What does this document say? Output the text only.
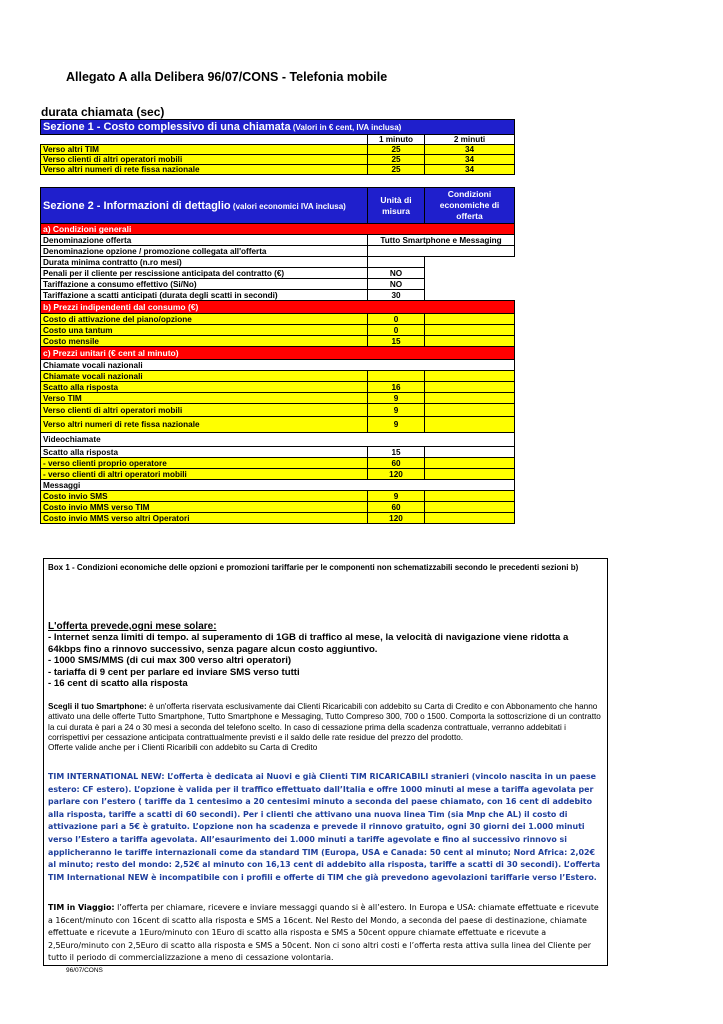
Allegato A alla Delibera 96/07/CONS - Telefonia mobile
durata chiamata (sec)
Sezione 1 - Costo complessivo di una chiamata (Valori in € cent, IVA inclusa)		
	1 minuto	2 minuti
Verso altri TIM	25	34
Verso clienti di altri operatori mobili	25	34
Verso altri numeri di rete fissa nazionale	25	34
Sezione 2 - Informazioni di dettaglio (valori economici IVA inclusa)	Unità di misura	Condizioni economiche di offerta
a) Condizioni generali		
Denominazione offerta	Tutto Smartphone e Messaging	
Denominazione opzione / promozione collegata all'offerta		
Durata minima contratto (n.ro mesi)		
Penali per il cliente per rescissione anticipata del contratto (€)	NO	
Tariffazione a consumo effettivo (Si/No)	NO	
Tariffazione a scatti anticipati (durata degli scatti in secondi)	30	
b) Prezzi indipendenti dal consumo (€)		
Costo di attivazione del piano/opzione	0	
Costo una tantum	0	
Costo mensile	15	
c) Prezzi unitari (€ cent al minuto)		
Chiamate vocali nazionali		
Chiamate vocali nazionali		
Scatto alla risposta	16	
Verso TIM	9	
Verso clienti di altri operatori mobili	9	
Verso altri numeri di rete fissa nazionale	9	
Videochiamate		
Scatto alla risposta	15	
- verso clienti proprio operatore	60	
- verso clienti di altri operatori mobili	120	
Messaggi		
Costo invio SMS	9	
Costo invio MMS verso TIM	60	
Costo invio MMS verso altri Operatori	120	
Box 1 - Condizioni economiche delle opzioni e promozioni tariffarie per le componenti non schematizzabili secondo le precedenti sezioni b)
L'offerta prevede,ogni mese solare:
- Internet senza limiti di tempo. al superamento di 1GB di traffico al mese, la velocità di navigazione viene ridotta a 64kbps fino a rinnovo successivo, senza pagare alcun costo aggiuntivo.
- 1000 SMS/MMS (di cui max 300 verso altri operatori)
- tariaffa di 9 cent per parlare ed inviare SMS verso tutti
- 16 cent di scatto alla risposta
Scegli il tuo Smartphone: è un'offerta riservata esclusivamente dai Clienti Ricaricabili con addebito su Carta di Credito e con Abbonamento che hanno attivato una delle offerte Tutto Smartphone, Tutto Smartphone e Messaging, Tutto Compreso 300, 700 o 1500. Comporta la sottoscrizione di un contratto la cui durata è pari a 24 o 30 mesi a seconda del telefono scelto. In caso di cessazione prima della scadenza contrattuale, verranno addebitati i corrispettivi per cessazione anticipata contrattualmente previsti e il saldo delle rate residue del prezzo del prodotto.
Offerte valide anche per i Clienti Ricaribili con addebito su Carta di Credito
TIM INTERNATIONAL NEW: L’offerta è dedicata ai Nuovi e già Clienti TIM RICARICABILI stranieri (vincolo nascita in un paese estero: CF estero). L’opzione è valida per il traffico effettuato dall’Italia e offre 1000 minuti al mese a tariffa agevolata per parlare con l’estero ( tariffe da 1 centesimo a 20 centesimi minuto a seconda del paese chiamato, con 16 cent di addebito alla risposta, tariffe a scatti di 60 secondi). Per i clienti che attivano una nuova linea Tim (sia Mnp che AL) il costo di attivazione pari a 5€ è gratuito. L’opzione non ha scadenza e prevede il rinnovo gratuito, ogni 30 giorni dei 1.000 minuti verso l’Estero a tariffa agevolata. All’esaurimento dei 1.000 minuti a tariffe agevolate e fino al successivo rinnovo si applicheranno le tariffe internazionali come da standard TIM (Europa, USA e Canada: 50 cent al minuto; Nord Africa: 2,02€ al minuto; resto del mondo: 2,52€ al minuto con 16,13 cent di addebito alla risposta, tariffe a scatti di 30 secondi). L’offerta TIM International NEW è incompatibile con i profili e offerte di TIM che già prevedono agevolazioni tariffarie verso l’Estero.
TIM in Viaggio: l’offerta per chiamare, ricevere e inviare messaggi quando si è all’estero. In Europa e USA: chiamate effettuate e ricevute a 16cent/minuto con 16cent di scatto alla risposta e SMS a 16cent. Nel Resto del Mondo, a seconda del paese di destinazione, chiamate effettuate e ricevute a 1Euro/minuto con 1Euro di scatto alla risposta e SMS a 50cent oppure chiamate effettuate e ricevute a 2,5Euro/minuto con 2,5Euro di scatto alla risposta e SMS a 50cent. Non ci sono altri costi e l’offerta resta attiva sulla linea del Cliente per tutto il periodo di commercializzazione a meno di cessazione volontaria.
96/07/CONS
